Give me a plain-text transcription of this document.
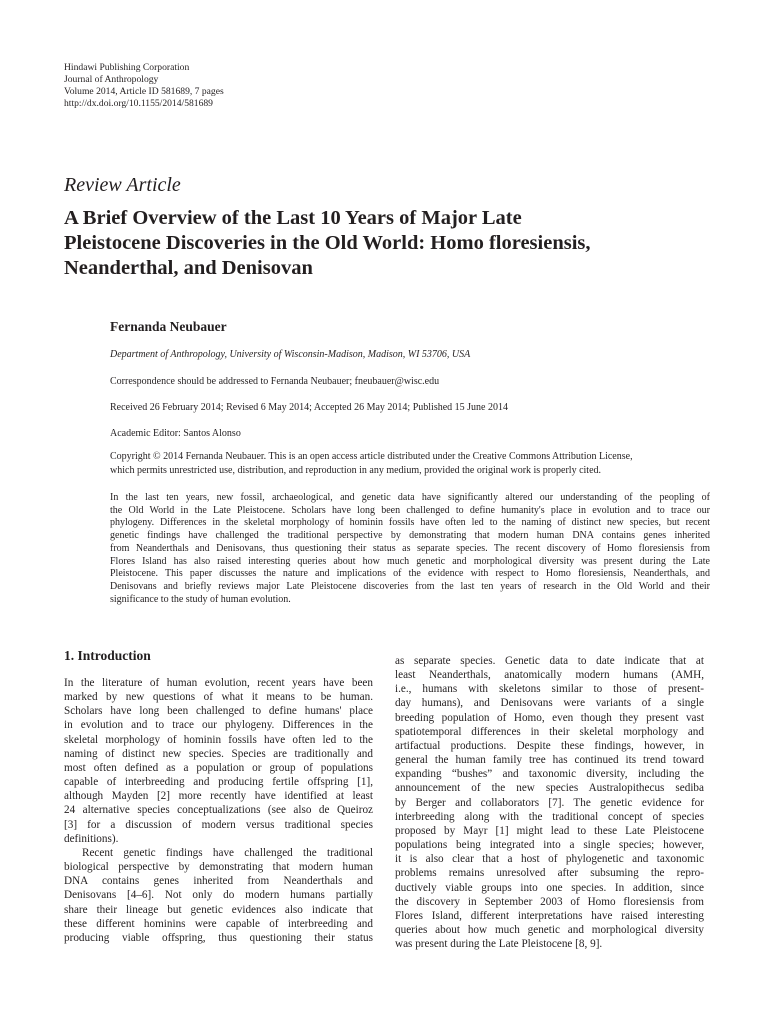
Hindawi Publishing Corporation
Journal of Anthropology
Volume 2014, Article ID 581689, 7 pages
http://dx.doi.org/10.1155/2014/581689
Review Article
A Brief Overview of the Last 10 Years of Major Late
Pleistocene Discoveries in the Old World: Homo floresiensis,
Neanderthal, and Denisovan
Fernanda Neubauer
Department of Anthropology, University of Wisconsin-Madison, Madison, WI 53706, USA
Correspondence should be addressed to Fernanda Neubauer; fneubauer@wisc.edu
Received 26 February 2014; Revised 6 May 2014; Accepted 26 May 2014; Published 15 June 2014
Academic Editor: Santos Alonso
Copyright © 2014 Fernanda Neubauer. This is an open access article distributed under the Creative Commons Attribution License,
which permits unrestricted use, distribution, and reproduction in any medium, provided the original work is properly cited.
In the last ten years, new fossil, archaeological, and genetic data have significantly altered our understanding of the peopling of
the Old World in the Late Pleistocene. Scholars have long been challenged to define humanity's place in evolution and to trace our
phylogeny. Differences in the skeletal morphology of hominin fossils have often led to the naming of distinct new species, but recent
genetic findings have challenged the traditional perspective by demonstrating that modern human DNA contains genes inherited
from Neanderthals and Denisovans, thus questioning their status as separate species. The recent discovery of Homo floresiensis from
Flores Island has also raised interesting queries about how much genetic and morphological diversity was present during the Late
Pleistocene. This paper discusses the nature and implications of the evidence with respect to Homo floresiensis, Neanderthals, and
Denisovans and briefly reviews major Late Pleistocene discoveries from the last ten years of research in the Old World and their
significance to the study of human evolution.
1. Introduction
In the literature of human evolution, recent years have been
marked by new questions of what it means to be human.
Scholars have long been challenged to define humans' place
in evolution and to trace our phylogeny. Differences in the
skeletal morphology of hominin fossils have often led to the
naming of distinct new species. Species are traditionally and
most often defined as a population or group of populations
capable of interbreeding and producing fertile offspring [1],
although Mayden [2] more recently have identified at least
24 alternative species conceptualizations (see also de Queiroz
[3] for a discussion of modern versus traditional species
definitions).
Recent genetic findings have challenged the traditional
biological perspective by demonstrating that modern human
DNA contains genes inherited from Neanderthals and
Denisovans [4–6]. Not only do modern humans partially
share their lineage but genetic evidences also indicate that
these different hominins were capable of interbreeding and
producing viable offspring, thus questioning their status
as separate species. Genetic data to date indicate that at
least Neanderthals, anatomically modern humans (AMH,
i.e., humans with skeletons similar to those of present-
day humans), and Denisovans were variants of a single
breeding population of Homo, even though they present vast
spatiotemporal differences in their skeletal morphology and
artifactual productions. Despite these findings, however, in
general the human family tree has continued its trend toward
expanding “bushes” and taxonomic diversity, including the
announcement of the new species Australopithecus sediba
by Berger and collaborators [7]. The genetic evidence for
interbreeding along with the traditional concept of species
proposed by Mayr [1] might lead to these Late Pleistocene
populations being integrated into a single species; however,
it is also clear that a host of phylogenetic and taxonomic
problems remains unresolved after subsuming the repro-
ductively viable groups into one species. In addition, since
the discovery in September 2003 of Homo floresiensis from
Flores Island, different interpretations have raised interesting
queries about how much genetic and morphological diversity
was present during the Late Pleistocene [8, 9].
